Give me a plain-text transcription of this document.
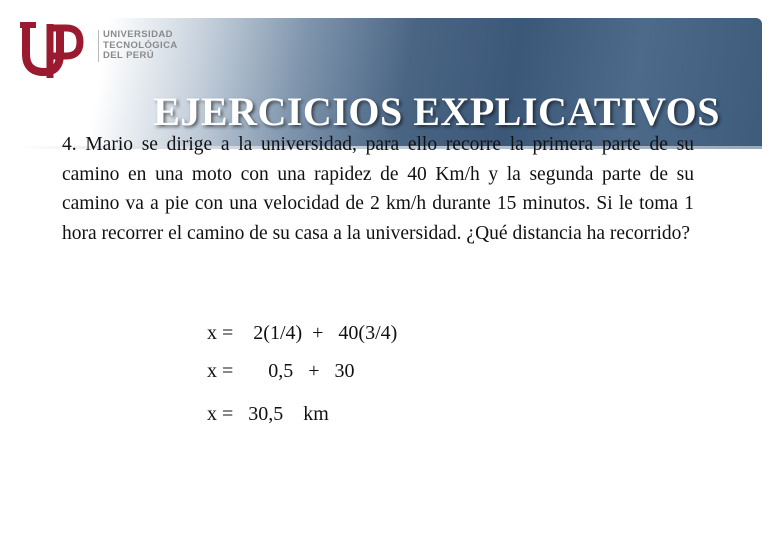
UNIVERSIDAD
TECNOLÓGICA
DEL PERÚ
EJERCICIOS EXPLICATIVOS

4. Mario se dirige a la universidad, para ello recorre la primera parte de su camino en una moto con una rapidez de 40 Km/h y la segunda parte de su camino va a pie con una velocidad de 2 km/h durante 15 minutos. Si le toma 1 hora recorrer el camino de su casa a la universidad. ¿Qué distancia ha recorrido?

x =    2(1/4)  +   40(3/4)
x =       0,5   +   30
x =   30,5    km
